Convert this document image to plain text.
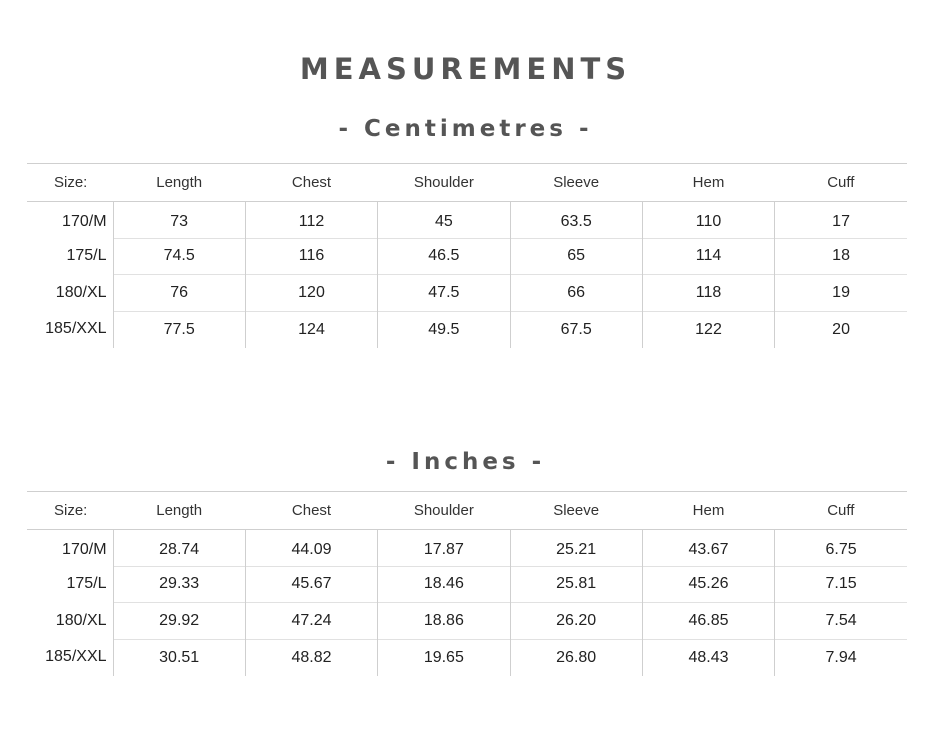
MEASUREMENTS
- Centimetres -
Size:	Length	Chest	Shoulder	Sleeve	Hem	Cuff
170/M	73	112	45	63.5	110	17
175/L	74.5	116	46.5	65	114	18
180/XL	76	120	47.5	66	118	19
185/XXL	77.5	124	49.5	67.5	122	20
- Inches -
Size:	Length	Chest	Shoulder	Sleeve	Hem	Cuff
170/M	28.74	44.09	17.87	25.21	43.67	6.75
175/L	29.33	45.67	18.46	25.81	45.26	7.15
180/XL	29.92	47.24	18.86	26.20	46.85	7.54
185/XXL	30.51	48.82	19.65	26.80	48.43	7.94
